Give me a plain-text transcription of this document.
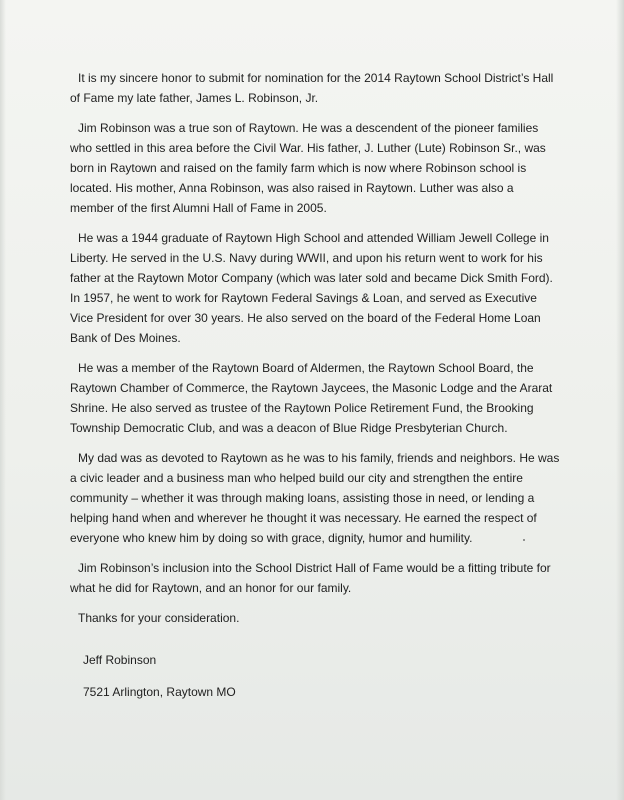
It is my sincere honor to submit for nomination for the 2014 Raytown School District’s Hall of Fame my late father, James L. Robinson, Jr.

Jim Robinson was a true son of Raytown. He was a descendent of the pioneer families who settled in this area before the Civil War. His father, J. Luther (Lute) Robinson Sr., was born in Raytown and raised on the family farm which is now where Robinson school is located. His mother, Anna Robinson, was also raised in Raytown. Luther was also a member of the first Alumni Hall of Fame in 2005.

He was a 1944 graduate of Raytown High School and attended William Jewell College in Liberty. He served in the U.S. Navy during WWII, and upon his return went to work for his father at the Raytown Motor Company (which was later sold and became Dick Smith Ford). In 1957, he went to work for Raytown Federal Savings & Loan, and served as Executive Vice President for over 30 years. He also served on the board of the Federal Home Loan Bank of Des Moines.

He was a member of the Raytown Board of Aldermen, the Raytown School Board, the Raytown Chamber of Commerce, the Raytown Jaycees, the Masonic Lodge and the Ararat Shrine. He also served as trustee of the Raytown Police Retirement Fund, the Brooking Township Democratic Club, and was a deacon of Blue Ridge Presbyterian Church.

My dad was as devoted to Raytown as he was to his family, friends and neighbors. He was a civic leader and a business man who helped build our city and strengthen the entire community – whether it was through making loans, assisting those in need, or lending a helping hand when and wherever he thought it was necessary. He earned the respect of everyone who knew him by doing so with grace, dignity, humor and humility.

Jim Robinson’s inclusion into the School District Hall of Fame would be a fitting tribute for what he did for Raytown, and an honor for our family.

Thanks for your consideration.

Jeff Robinson

7521 Arlington, Raytown MO
